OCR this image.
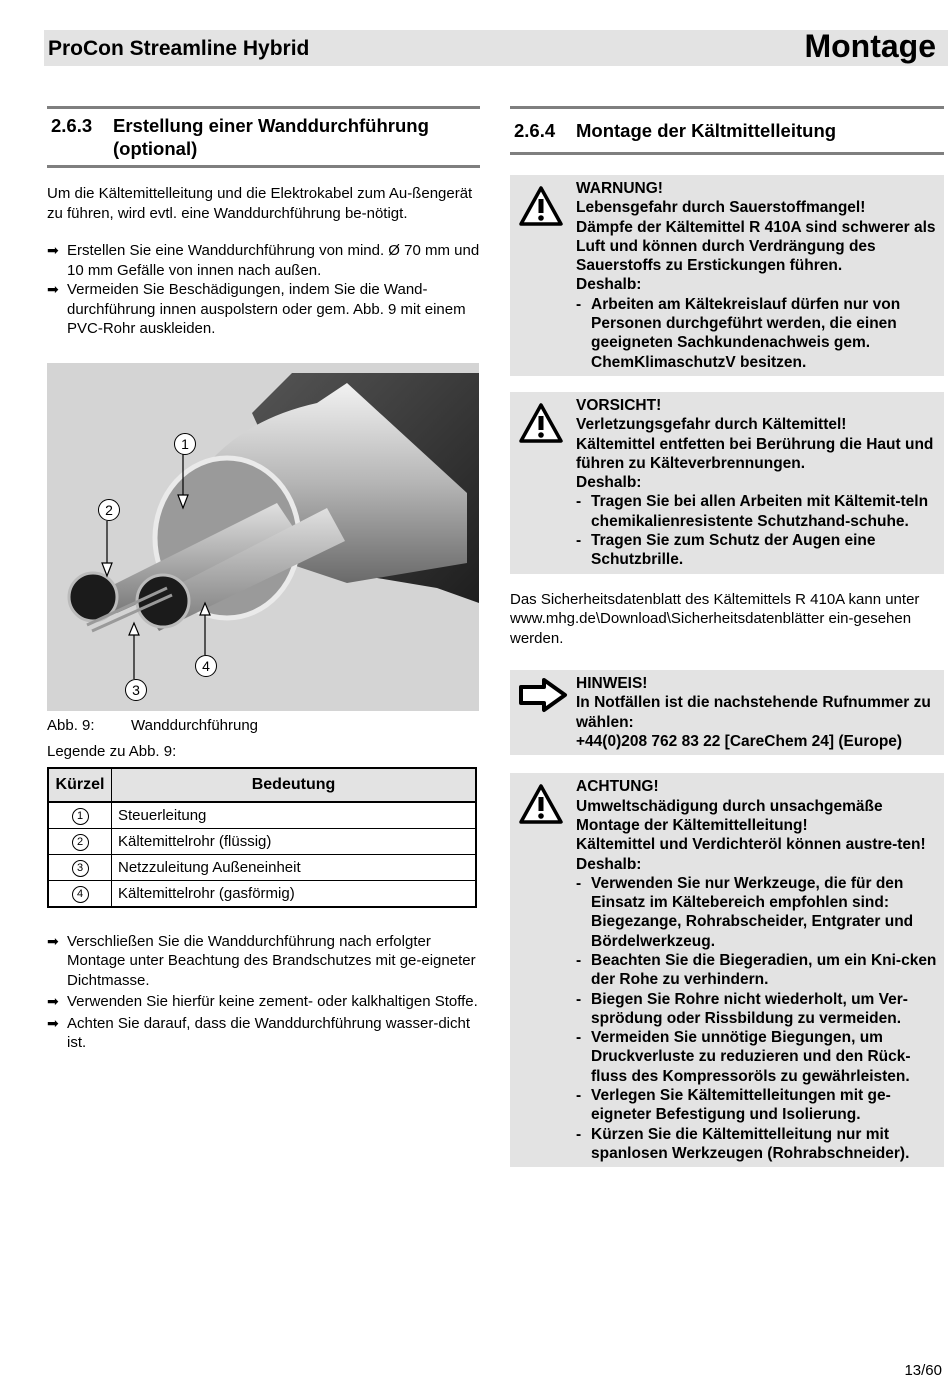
ProCon Streamline Hybrid	Montage
2.6.3	Erstellung einer Wanddurchführung (optional)
Um die Kältemittelleitung und die Elektrokabel zum Au-ßengerät zu führen, wird evtl. eine Wanddurchführung be-nötigt.
➡ Erstellen Sie eine Wanddurchführung von mind. Ø 70 mm und 10 mm Gefälle von innen nach außen.
➡ Vermeiden Sie Beschädigungen, indem Sie die Wand-durchführung innen auspolstern oder gem. Abb. 9 mit einem PVC-Rohr auskleiden.
1
2
3
4
Abb. 9:	Wanddurchführung
Legende zu Abb. 9:
Kürzel	Bedeutung
1	Steuerleitung
2	Kältemittelrohr (flüssig)
3	Netzzuleitung Außeneinheit
4	Kältemittelrohr (gasförmig)
➡ Verschließen Sie die Wanddurchführung nach erfolgter Montage unter Beachtung des Brandschutzes mit ge-eigneter Dichtmasse.
➡ Verwenden Sie hierfür keine zement- oder kalkhaltigen Stoffe.
➡ Achten Sie darauf, dass die Wanddurchführung wasser-dicht ist.
2.6.4	Montage der Kältmittelleitung
WARNUNG!
Lebensgefahr durch Sauerstoffmangel!
Dämpfe der Kältemittel R 410A sind schwerer als Luft und können durch Verdrängung des Sauerstoffs zu Erstickungen führen.
Deshalb:
- Arbeiten am Kältekreislauf dürfen nur von Personen durchgeführt werden, die einen geeigneten Sachkundenachweis gem. ChemKlimaschutzV besitzen.
VORSICHT!
Verletzungsgefahr durch Kältemittel!
Kältemittel entfetten bei Berührung die Haut und führen zu Kälteverbrennungen.
Deshalb:
- Tragen Sie bei allen Arbeiten mit Kältemit-teln chemikalienresistente Schutzhand-schuhe.
- Tragen Sie zum Schutz der Augen eine Schutzbrille.
Das Sicherheitsdatenblatt des Kältemittels R 410A kann unter www.mhg.de\Download\Sicherheitsdatenblätter ein-gesehen werden.
HINWEIS!
In Notfällen ist die nachstehende Rufnummer zu wählen:
+44(0)208 762 83 22 [CareChem 24] (Europe)
ACHTUNG!
Umweltschädigung durch unsachgemäße Montage der Kältemittelleitung!
Kältemittel und Verdichteröl können austre-ten!
Deshalb:
- Verwenden Sie nur Werkzeuge, die für den Einsatz im Kältebereich empfohlen sind: Biegezange, Rohrabscheider, Entgrater und Bördelwerkzeug.
- Beachten Sie die Biegeradien, um ein Kni-cken der Rohe zu verhindern.
- Biegen Sie Rohre nicht wiederholt, um Ver-sprödung oder Rissbildung zu vermeiden.
- Vermeiden Sie unnötige Biegungen, um Druckverluste zu reduzieren und den Rück-fluss des Kompressoröls zu gewährleisten.
- Verlegen Sie Kältemittelleitungen mit ge-eigneter Befestigung und Isolierung.
- Kürzen Sie die Kältemittelleitung nur mit spanlosen Werkzeugen (Rohrabschneider).
13/60
